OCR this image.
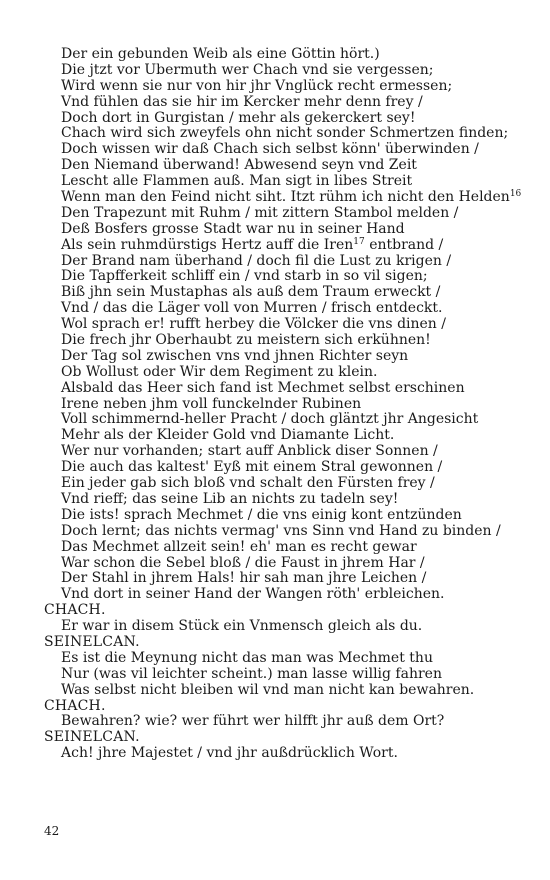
Der ein gebunden Weib als eine Göttin hört.)
Die jtzt vor Ubermuth wer Chach vnd sie vergessen;
Wird wenn sie nur von hir jhr Vnglück recht ermessen;
Vnd fühlen das sie hir im Kercker mehr denn frey /
Doch dort in Gurgistan / mehr als gekerckert sey!
Chach wird sich zweyfels ohn nicht sonder Schmertzen finden;
Doch wissen wir daß Chach sich selbst könn' überwinden /
Den Niemand überwand! Abwesend seyn vnd Zeit
Lescht alle Flammen auß. Man sigt in libes Streit
Wenn man den Feind nicht siht. Itzt rühm ich nicht den Helden$^{16}$
Den Trapezunt mit Ruhm / mit zittern Stambol melden /
Deß Bosfers grosse Stadt war nu in seiner Hand
Als sein ruhmdürstigs Hertz auff die Iren$^{17}$ entbrand /
Der Brand nam überhand / doch fil die Lust zu krigen /
Die Tapfferkeit schliff ein / vnd starb in so vil sigen;
Biß jhn sein Mustaphas als auß dem Traum erweckt /
Vnd / das die Läger voll von Murren / frisch entdeckt.
Wol sprach er! rufft herbey die Völcker die vns dinen /
Die frech jhr Oberhaubt zu meistern sich erkühnen!
Der Tag sol zwischen vns vnd jhnen Richter seyn
Ob Wollust oder Wir dem Regiment zu klein.
Alsbald das Heer sich fand ist Mechmet selbst erschinen
Irene neben jhm voll funckelnder Rubinen
Voll schimmernd-heller Pracht / doch gläntzt jhr Angesicht
Mehr als der Kleider Gold vnd Diamante Licht.
Wer nur vorhanden; start auff Anblick diser Sonnen /
Die auch das kaltest' Eyß mit einem Stral gewonnen /
Ein jeder gab sich bloß vnd schalt den Fürsten frey /
Vnd rieff; das seine Lib an nichts zu tadeln sey!
Die ists! sprach Mechmet / die vns einig kont entzünden
Doch lernt; das nichts vermag' vns Sinn vnd Hand zu binden /
Das Mechmet allzeit sein! eh' man es recht gewar
War schon die Sebel bloß / die Faust in jhrem Har /
Der Stahl in jhrem Hals! hir sah man jhre Leichen /
Vnd dort in seiner Hand der Wangen röth' erbleichen.
CHACH.
Er war in disem Stück ein Vnmensch gleich als du.
SEINELCAN.
Es ist die Meynung nicht das man was Mechmet thu
Nur (was vil leichter scheint.) man lasse willig fahren
Was selbst nicht bleiben wil vnd man nicht kan bewahren.
CHACH.
Bewahren? wie? wer führt wer hilfft jhr auß dem Ort?
SEINELCAN.
Ach! jhre Majestet / vnd jhr außdrücklich Wort.
42
